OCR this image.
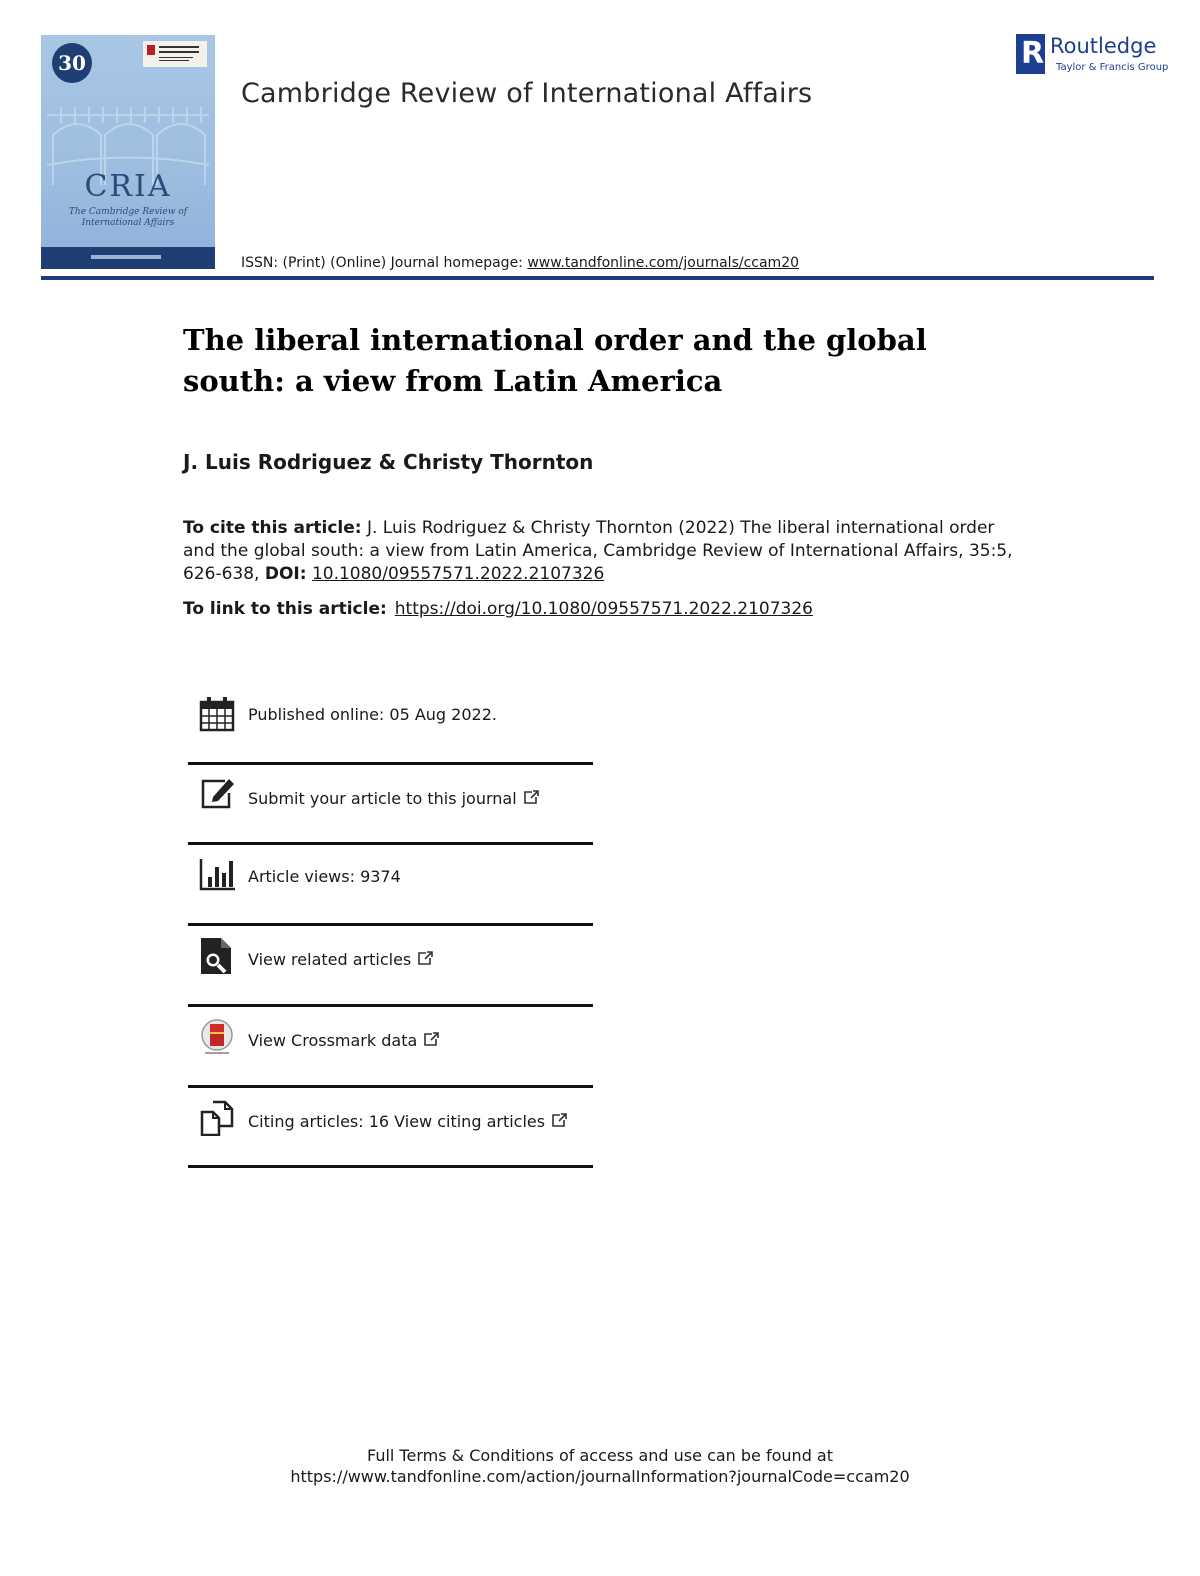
30
CRIA
The Cambridge Review of
International Affairs
Cambridge Review of International Affairs
R Routledge
Taylor & Francis Group
ISSN: (Print) (Online) Journal homepage: www.tandfonline.com/journals/ccam20
The liberal international order and the global south: a view from Latin America
J. Luis Rodriguez & Christy Thornton
To cite this article: J. Luis Rodriguez & Christy Thornton (2022) The liberal international order and the global south: a view from Latin America, Cambridge Review of International Affairs, 35:5, 626-638, DOI: 10.1080/09557571.2022.2107326
To link to this article: https://doi.org/10.1080/09557571.2022.2107326
Published online: 05 Aug 2022.
Submit your article to this journal
Article views: 9374
View related articles
View Crossmark data
Citing articles: 16 View citing articles
Full Terms & Conditions of access and use can be found at
https://www.tandfonline.com/action/journalInformation?journalCode=ccam20
